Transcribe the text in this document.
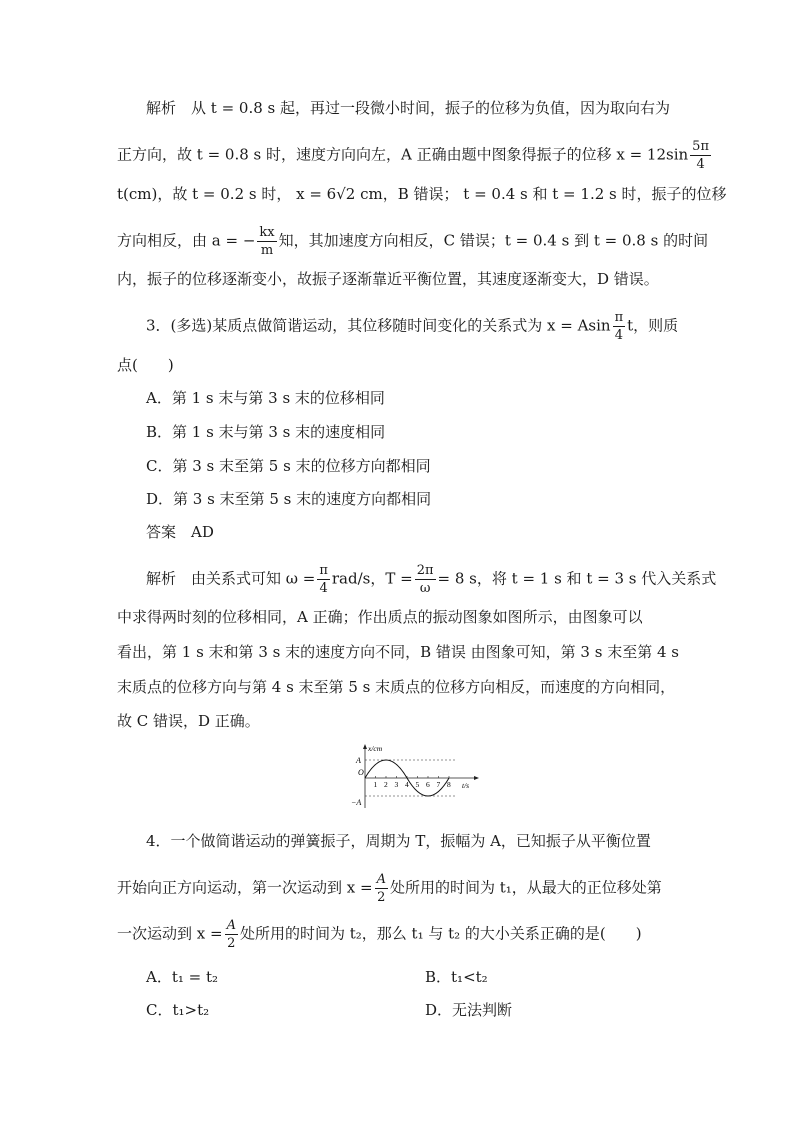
解析　从 t = 0.8 s 起，再过一段微小时间，振子的位移为负值，因为取向右为
正方向，故 t = 0.8 s 时，速度方向向左，A 正确由题中图象得振子的位移 $x = 12\sin \frac{5\pi}{4}$
t(cm)，故 t = 0.2 s 时， x = 6√2 cm，B 错误； t = 0.4 s 和 t = 1.2 s 时，振子的位移
方向相反，由 a = − $\frac{kx}{m}$ 知，其加速度方向相反，C 错误；t = 0.4 s 到 t = 0.8 s 的时间
内，振子的位移逐渐变小，故振子逐渐靠近平衡位置，其速度逐渐变大，D 错误。
3．(多选)某质点做简谐运动，其位移随时间变化的关系式为 x = Asin $\frac{\pi}{4}$ t，则质
点(　　)
A．第 1 s 末与第 3 s 末的位移相同
B．第 1 s 末与第 3 s 末的速度相同
C．第 3 s 末至第 5 s 末的位移方向都相同
D．第 3 s 末至第 5 s 末的速度方向都相同
答案　AD
解析　由关系式可知 $\omega = \frac{\pi}{4} rad/s$，$T = \frac{2\pi}{\omega} = 8$ s，将 t = 1 s 和 t = 3 s 代入关系式
中求得两时刻的位移相同，A 正确；作出质点的振动图象如图所示，由图象可以
看出，第 1 s 末和第 3 s 末的速度方向不同，B 错误 由图象可知，第 3 s 末至第 4 s
末质点的位移方向与第 4 s 末至第 5 s 末质点的位移方向相反，而速度的方向相同，
故 C 错误，D 正确。
x/cm
A
O
−A
t/s
1 2 3 4 5 6 7 8
4．一个做简谐运动的弹簧振子，周期为 T，振幅为 A，已知振子从平衡位置
开始向正方向运动，第一次运动到 $x = \frac{A}{2}$ 处所用的时间为 t₁，从最大的正位移处第
一次运动到 $x = \frac{A}{2}$ 处所用的时间为 t₂，那么 t₁ 与 t₂ 的大小关系正确的是(　　)
A．t₁ = t₂	B．t₁<t₂
C．t₁>t₂	D．无法判断
